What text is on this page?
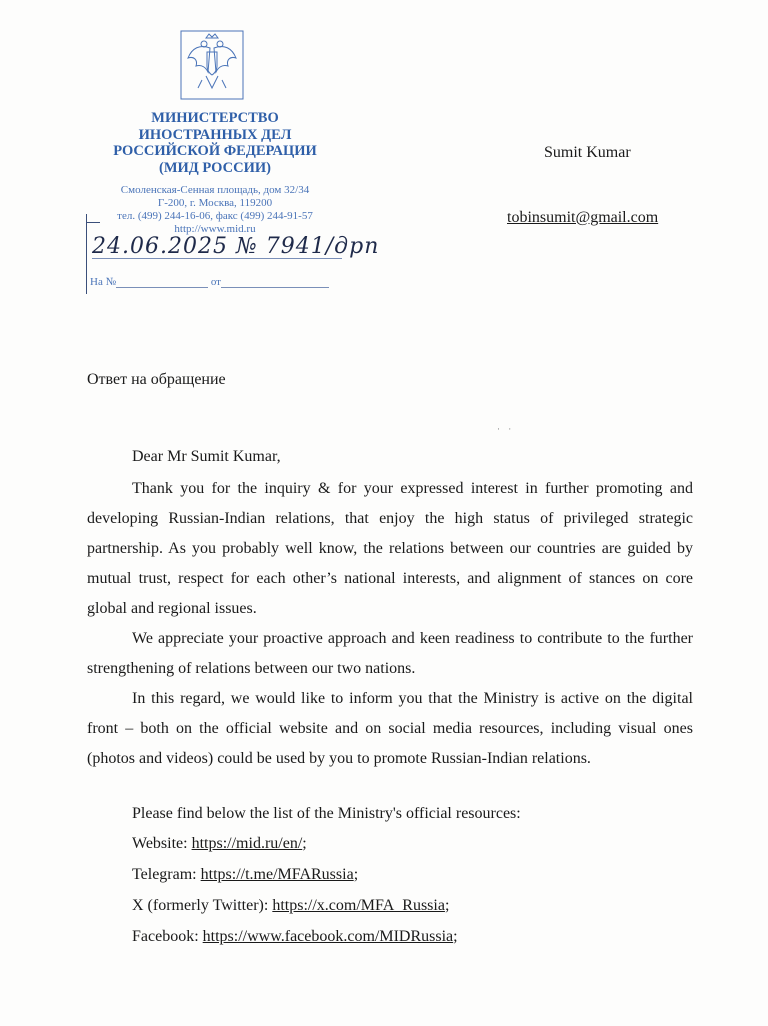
МИНИСТЕРСТВО
ИНОСТРАННЫХ ДЕЛ
РОССИЙСКОЙ ФЕДЕРАЦИИ
(МИД РОССИИ)
Смоленская-Сенная площадь, дом 32/34
Г-200, г. Москва, 119200
тел. (499) 244-16-06, факс (499) 244-91-57
http://www.mid.ru
24.06.2025 № 7941/дрп
На №	от
Sumit Kumar
tobinsumit@gmail.com
Ответ на обращение
· ·
Dear Mr Sumit Kumar,

Thank you for the inquiry & for your expressed interest in further promoting and developing Russian-Indian relations, that enjoy the high status of privileged strategic partnership. As you probably well know, the relations between our countries are guided by mutual trust, respect for each other’s national interests, and alignment of stances on core global and regional issues.

We appreciate your proactive approach and keen readiness to contribute to the further strengthening of relations between our two nations.

In this regard, we would like to inform you that the Ministry is active on the digital front – both on the official website and on social media resources, including visual ones (photos and videos) could be used by you to promote Russian-Indian relations.

Please find below the list of the Ministry's official resources:
Website: https://mid.ru/en/;
Telegram: https://t.me/MFARussia;
X (formerly Twitter): https://x.com/MFA_Russia;
Facebook: https://www.facebook.com/MIDRussia;
